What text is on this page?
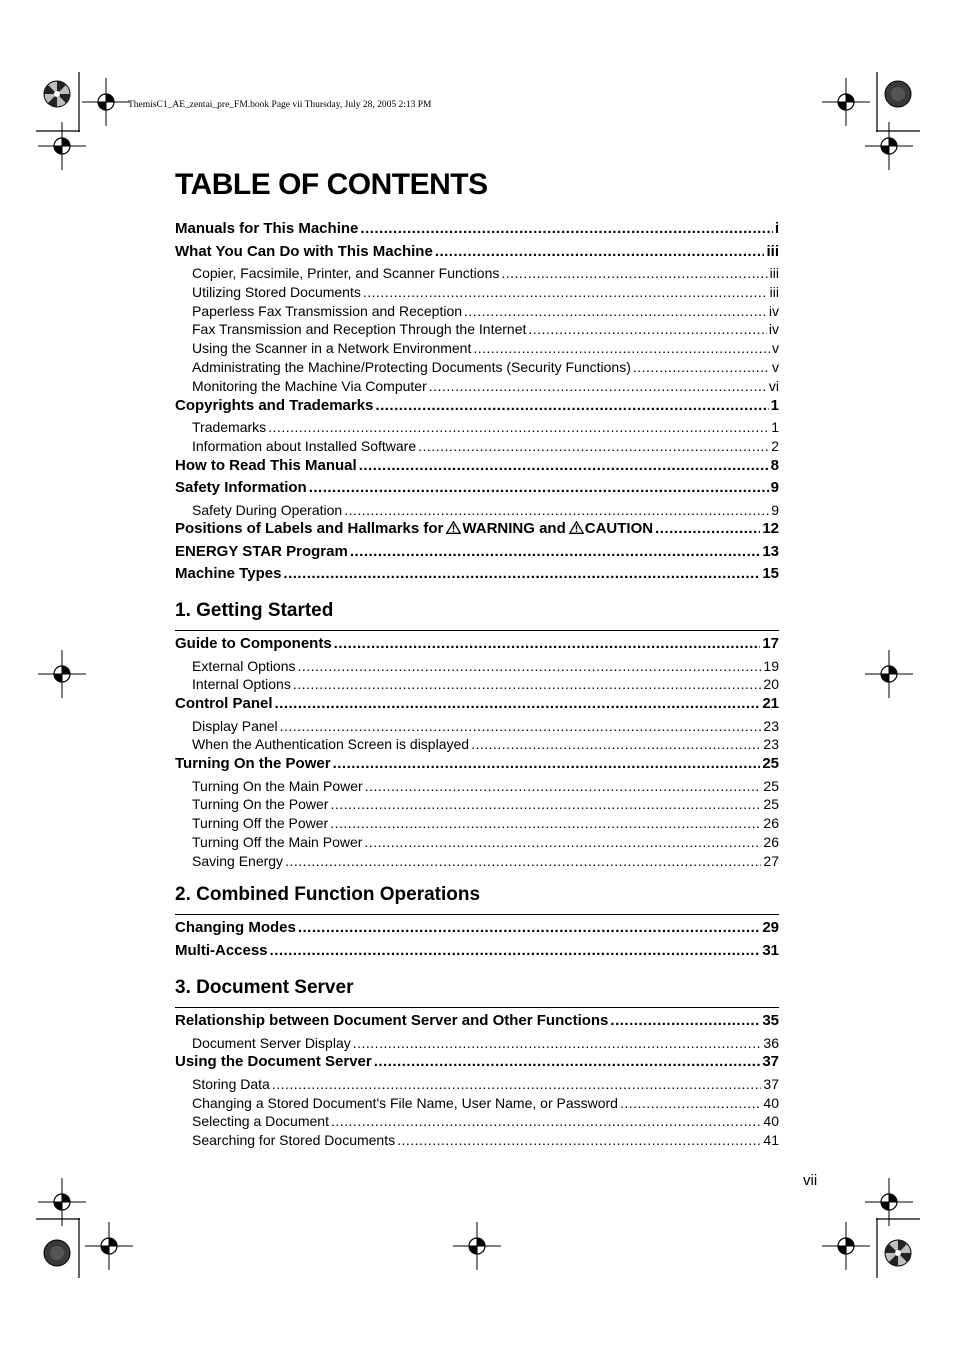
ThemisC1_AE_zentai_pre_FM.book Page vii Thursday, July 28, 2005 2:13 PM
TABLE OF CONTENTS
Manuals for This Machine .....	i
What You Can Do with This Machine .....	iii
Copier, Facsimile, Printer, and Scanner Functions .....	iii
Utilizing Stored Documents .....	iii
Paperless Fax Transmission and Reception .....	iv
Fax Transmission and Reception Through the Internet .....	iv
Using the Scanner in a Network Environment .....	v
Administrating the Machine/Protecting Documents (Security Functions) .....	v
Monitoring the Machine Via Computer .....	vi
Copyrights and Trademarks .....	1
Trademarks .....	1
Information about Installed Software .....	2
How to Read This Manual .....	8
Safety Information .....	9
Safety During Operation .....	9
Positions of Labels and Hallmarks for WARNING and CAUTION .....	12
ENERGY STAR Program .....	13
Machine Types .....	15
1. Getting Started
Guide to Components .....	17
External Options .....	19
Internal Options .....	20
Control Panel .....	21
Display Panel .....	23
When the Authentication Screen is displayed .....	23
Turning On the Power .....	25
Turning On the Main Power .....	25
Turning On the Power .....	25
Turning Off the Power .....	26
Turning Off the Main Power .....	26
Saving Energy .....	27
2. Combined Function Operations
Changing Modes .....	29
Multi-Access .....	31
3. Document Server
Relationship between Document Server and Other Functions .....	35
Document Server Display .....	36
Using the Document Server .....	37
Storing Data .....	37
Changing a Stored Document's File Name, User Name, or Password .....	40
Selecting a Document .....	40
Searching for Stored Documents .....	41
vii
